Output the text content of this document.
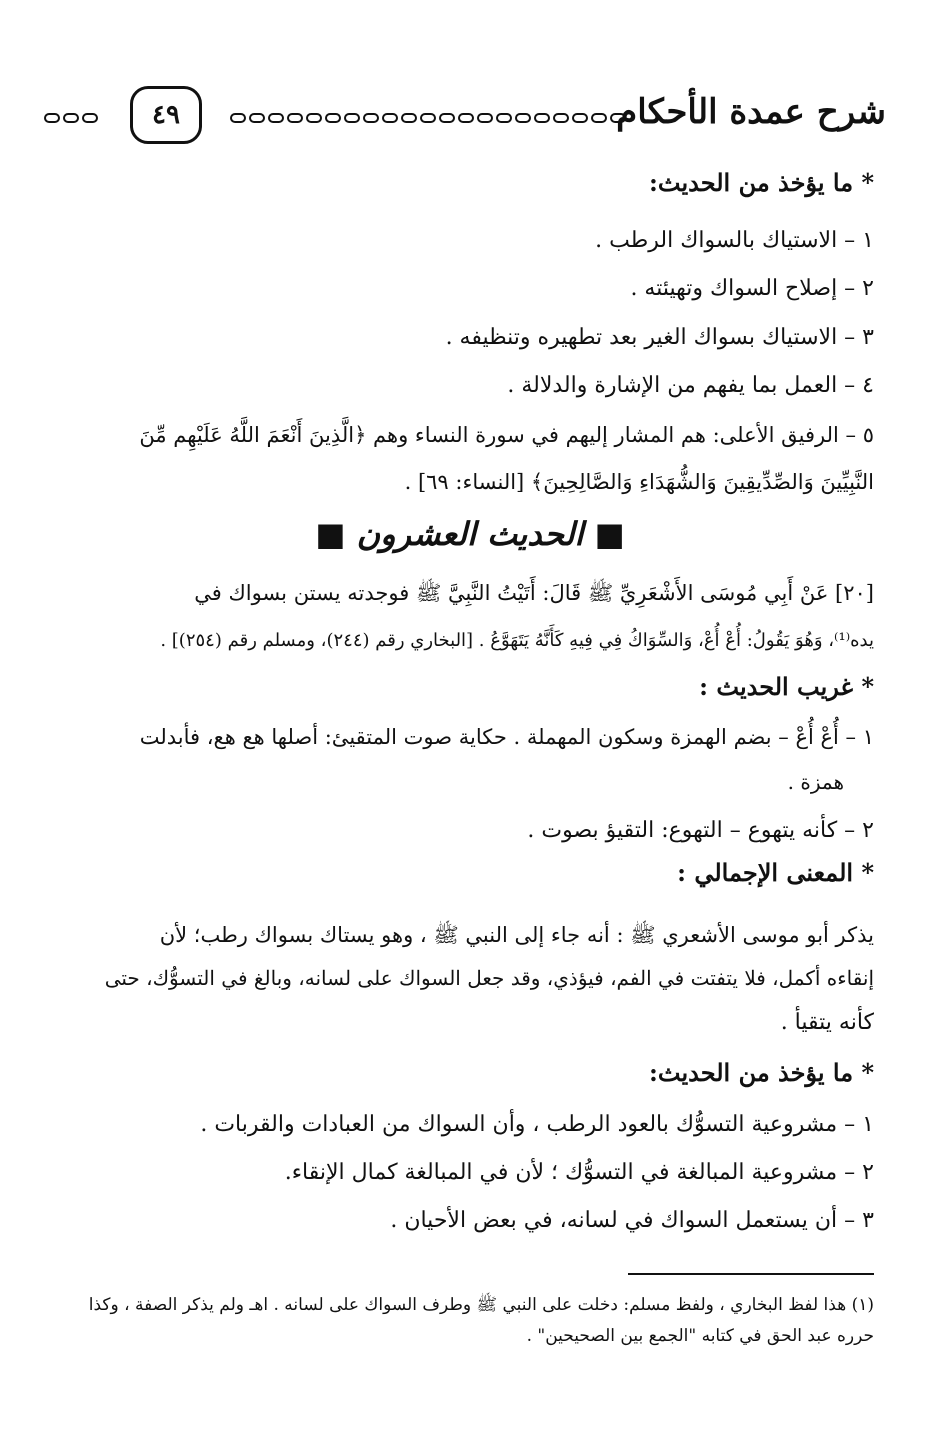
شرح عمدة الأحكام
٤٩
* ما يؤخذ من الحديث:
١ – الاستياك بالسواك الرطب .
٢ – إصلاح السواك وتهيئته .
٣ – الاستياك بسواك الغير بعد تطهيره وتنظيفه .
٤ – العمل بما يفهم من الإشارة والدلالة .
٥ – الرفيق الأعلى: هم المشار إليهم في سورة النساء وهم ﴿الَّذِينَ أَنْعَمَ اللَّهُ عَلَيْهِم مِّنَ
النَّبِيِّينَ وَالصِّدِّيقِينَ وَالشُّهَدَاءِ وَالصَّالِحِينَ﴾ [النساء: ٦٩] .
■ الحديث العشرون ■
[٢٠] عَنْ أَبِي مُوسَى الأَشْعَرِيِّ ﷺ قَالَ: أَتَيْتُ النَّبِيَّ ﷺ فوجدته يستن بسواك في
يده⁽¹⁾، وَهُوَ يَقُولُ: أُعْ أُعْ، وَالسِّوَاكُ فِي فِيهِ كَأَنَّهُ يَتَهَوَّعُ . [البخاري رقم (٢٤٤)، ومسلم رقم (٢٥٤)] .
* غريب الحديث :
١ – أُعْ أُعْ – بضم الهمزة وسكون المهملة . حكاية صوت المتقيئ: أصلها هع هع، فأبدلت
همزة .
٢ – كأنه يتهوع – التهوع: التقيؤ بصوت .
* المعنى الإجمالي :
يذكر أبو موسى الأشعري ﷺ : أنه جاء إلى النبي ﷺ ، وهو يستاك بسواك رطب؛ لأن
إنقاءه أكمل، فلا يتفتت في الفم، فيؤذي، وقد جعل السواك على لسانه، وبالغ في التسوُّك، حتى
كأنه يتقيأ .
* ما يؤخذ من الحديث:
١ – مشروعية التسوُّك بالعود الرطب ، وأن السواك من العبادات والقربات .
٢ – مشروعية المبالغة في التسوُّك ؛ لأن في المبالغة كمال الإنقاء.
٣ – أن يستعمل السواك في لسانه، في بعض الأحيان .
(١) هذا لفظ البخاري ، ولفظ مسلم: دخلت على النبي ﷺ وطرف السواك على لسانه . اهـ ولم يذكر الصفة ، وكذا
حرره عبد الحق في كتابه "الجمع بين الصحيحين" .
